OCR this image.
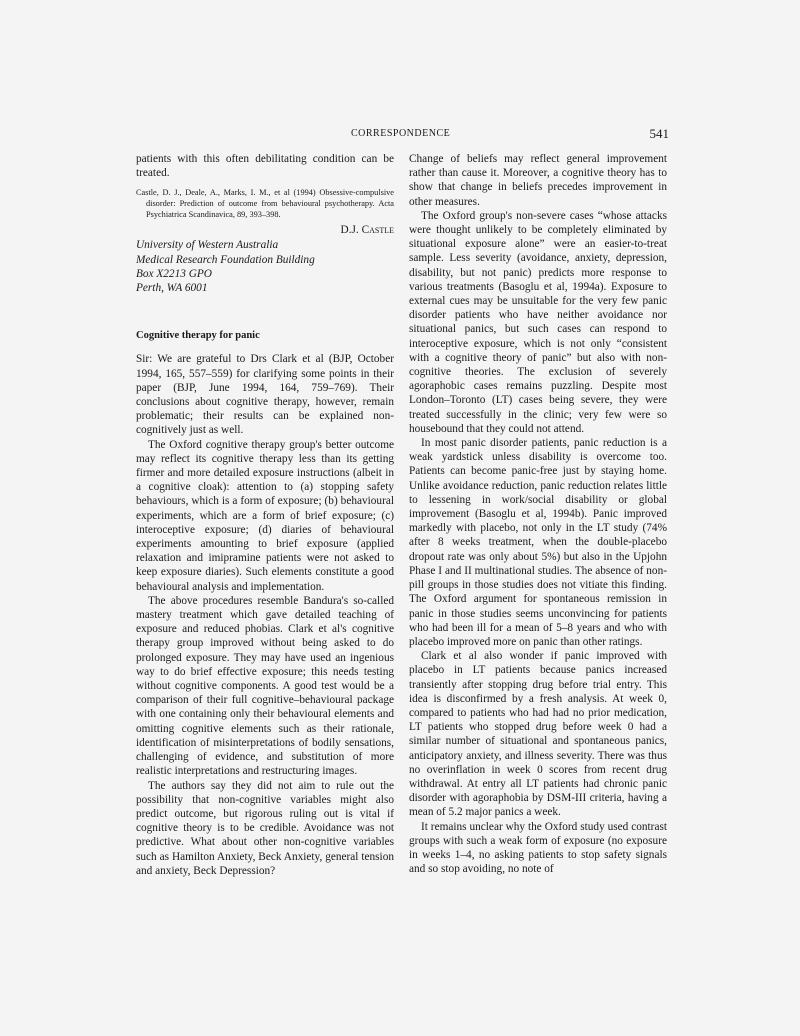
CORRESPONDENCE	541

patients with this often debilitating condition can be treated.

Castle, D. J., Deale, A., Marks, I. M., et al (1994) Obsessive-compulsive disorder: Prediction of outcome from behavioural psychotherapy. Acta Psychiatrica Scandinavica, 89, 393–398.

D.J. Castle

University of Western Australia
Medical Research Foundation Building
Box X2213 GPO
Perth, WA 6001

Cognitive therapy for panic

Sir: We are grateful to Drs Clark et al (BJP, October 1994, 165, 557–559) for clarifying some points in their paper (BJP, June 1994, 164, 759–769). Their conclusions about cognitive therapy, however, remain problematic; their results can be explained non-cognitively just as well.

The Oxford cognitive therapy group's better outcome may reflect its cognitive therapy less than its getting firmer and more detailed exposure instructions (albeit in a cognitive cloak): attention to (a) stopping safety behaviours, which is a form of exposure; (b) behavioural experiments, which are a form of brief exposure; (c) interoceptive exposure; (d) diaries of behavioural experiments amounting to brief exposure (applied relaxation and imipramine patients were not asked to keep exposure diaries). Such elements constitute a good behavioural analysis and implementation.

The above procedures resemble Bandura's so-called mastery treatment which gave detailed teaching of exposure and reduced phobias. Clark et al's cognitive therapy group improved without being asked to do prolonged exposure. They may have used an ingenious way to do brief effective exposure; this needs testing without cognitive components. A good test would be a comparison of their full cognitive–behavioural package with one containing only their behavioural elements and omitting cognitive elements such as their rationale, identification of misinterpretations of bodily sensations, challenging of evidence, and substitution of more realistic interpretations and restructuring images.

The authors say they did not aim to rule out the possibility that non-cognitive variables might also predict outcome, but rigorous ruling out is vital if cognitive theory is to be credible. Avoidance was not predictive. What about other non-cognitive variables such as Hamilton Anxiety, Beck Anxiety, general tension and anxiety, Beck Depression?

Change of beliefs may reflect general improvement rather than cause it. Moreover, a cognitive theory has to show that change in beliefs precedes improvement in other measures.

The Oxford group's non-severe cases “whose attacks were thought unlikely to be completely eliminated by situational exposure alone” were an easier-to-treat sample. Less severity (avoidance, anxiety, depression, disability, but not panic) predicts more response to various treatments (Basoglu et al, 1994a). Exposure to external cues may be unsuitable for the very few panic disorder patients who have neither avoidance nor situational panics, but such cases can respond to interoceptive exposure, which is not only “consistent with a cognitive theory of panic” but also with non-cognitive theories. The exclusion of severely agoraphobic cases remains puzzling. Despite most London–Toronto (LT) cases being severe, they were treated successfully in the clinic; very few were so housebound that they could not attend.

In most panic disorder patients, panic reduction is a weak yardstick unless disability is overcome too. Patients can become panic-free just by staying home. Unlike avoidance reduction, panic reduction relates little to lessening in work/social disability or global improvement (Basoglu et al, 1994b). Panic improved markedly with placebo, not only in the LT study (74% after 8 weeks treatment, when the double-placebo dropout rate was only about 5%) but also in the Upjohn Phase I and II multinational studies. The absence of non-pill groups in those studies does not vitiate this finding. The Oxford argument for spontaneous remission in panic in those studies seems unconvincing for patients who had been ill for a mean of 5–8 years and who with placebo improved more on panic than other ratings.

Clark et al also wonder if panic improved with placebo in LT patients because panics increased transiently after stopping drug before trial entry. This idea is disconfirmed by a fresh analysis. At week 0, compared to patients who had had no prior medication, LT patients who stopped drug before week 0 had a similar number of situational and spontaneous panics, anticipatory anxiety, and illness severity. There was thus no overinflation in week 0 scores from recent drug withdrawal. At entry all LT patients had chronic panic disorder with agoraphobia by DSM-III criteria, having a mean of 5.2 major panics a week.

It remains unclear why the Oxford study used contrast groups with such a weak form of exposure (no exposure in weeks 1–4, no asking patients to stop safety signals and so stop avoiding, no note of
